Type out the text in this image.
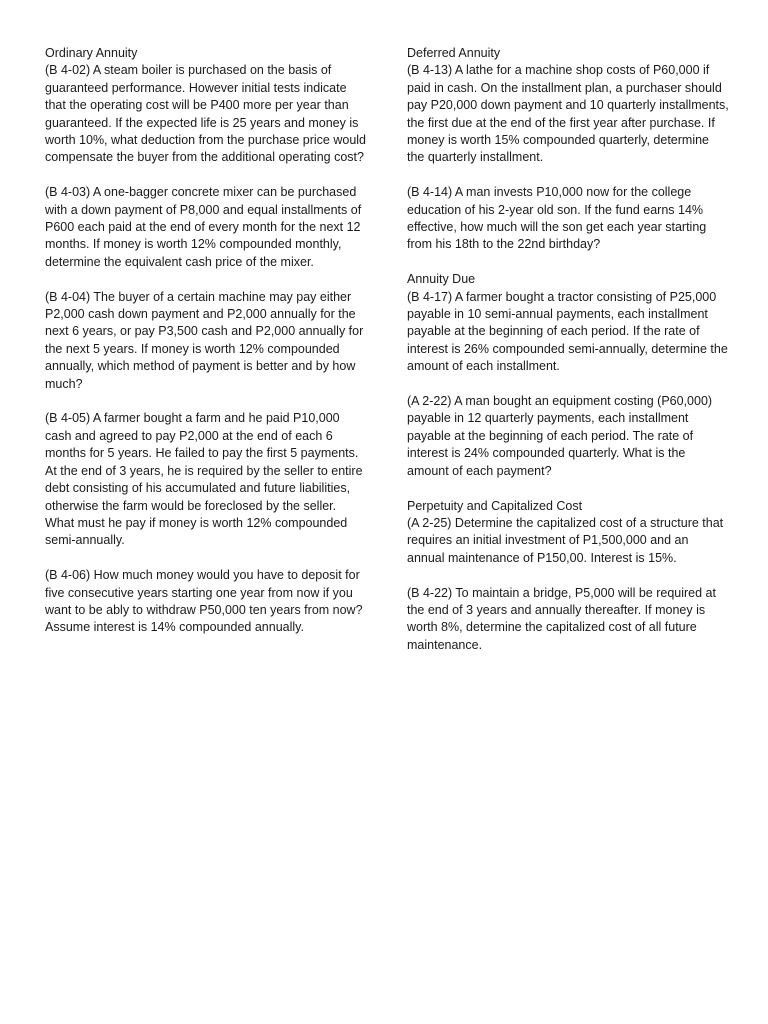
Ordinary Annuity

(B 4-02) A steam boiler is purchased on the basis of guaranteed performance. However initial tests indicate that the operating cost will be P400 more per year than guaranteed. If the expected life is 25 years and money is worth 10%, what deduction from the purchase price would compensate the buyer from the additional operating cost?

(B 4-03) A one-bagger concrete mixer can be purchased with a down payment of P8,000 and equal installments of P600 each paid at the end of every month for the next 12 months. If money is worth 12% compounded monthly, determine the equivalent cash price of the mixer.

(B 4-04) The buyer of a certain machine may pay either P2,000 cash down payment and P2,000 annually for the next 6 years, or pay P3,500 cash and P2,000 annually for the next 5 years. If money is worth 12% compounded annually, which method of payment is better and by how much?

(B 4-05) A farmer bought a farm and he paid P10,000 cash and agreed to pay P2,000 at the end of each 6 months for 5 years. He failed to pay the first 5 payments. At the end of 3 years, he is required by the seller to entire debt consisting of his accumulated and future liabilities, otherwise the farm would be foreclosed by the seller. What must he pay if money is worth 12% compounded semi-annually.

(B 4-06) How much money would you have to deposit for five consecutive years starting one year from now if you want to be ably to withdraw P50,000 ten years from now? Assume interest is 14% compounded annually.

Deferred Annuity

(B 4-13) A lathe for a machine shop costs of P60,000 if paid in cash. On the installment plan, a purchaser should pay P20,000 down payment and 10 quarterly installments, the first due at the end of the first year after purchase. If money is worth 15% compounded quarterly, determine the quarterly installment.

(B 4-14) A man invests P10,000 now for the college education of his 2-year old son. If the fund earns 14% effective, how much will the son get each year starting from his 18th to the 22nd birthday?

Annuity Due

(B 4-17) A farmer bought a tractor consisting of P25,000 payable in 10 semi-annual payments, each installment payable at the beginning of each period. If the rate of interest is 26% compounded semi-annually, determine the amount of each installment.

(A 2-22) A man bought an equipment costing (P60,000) payable in 12 quarterly payments, each installment payable at the beginning of each period. The rate of interest is 24% compounded quarterly. What is the amount of each payment?

Perpetuity and Capitalized Cost

(A 2-25) Determine the capitalized cost of a structure that requires an initial investment of P1,500,000 and an annual maintenance of P150,00. Interest is 15%.

(B 4-22) To maintain a bridge, P5,000 will be required at the end of 3 years and annually thereafter. If money is worth 8%, determine the capitalized cost of all future maintenance.
